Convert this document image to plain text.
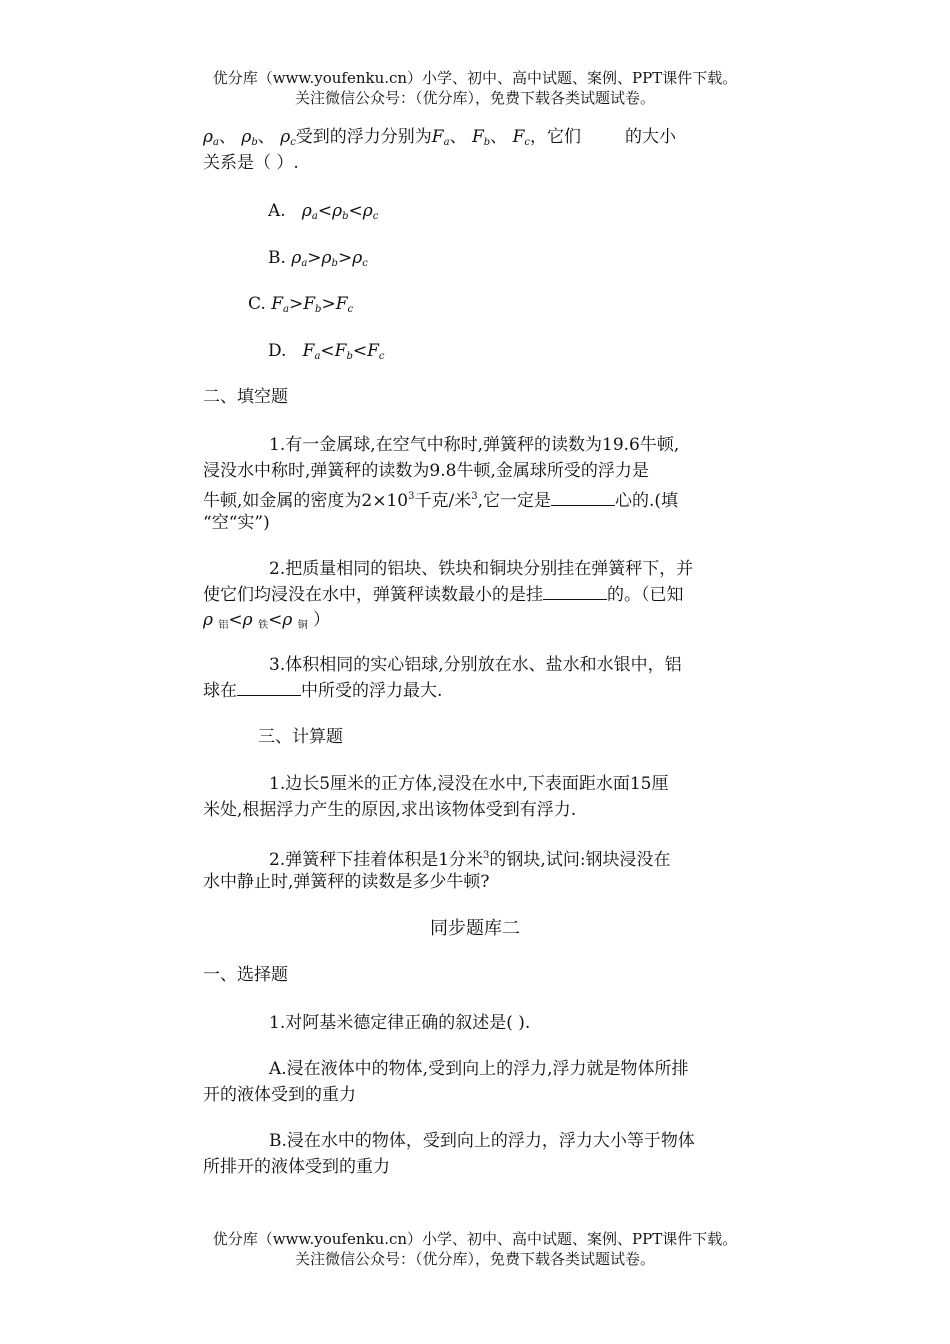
优分库（www.youfenku.cn）小学、初中、高中试题、案例、PPT课件下载。
关注微信公众号：（优分库），免费下载各类试题试卷。
$\rho_a$、 $\rho_b$、 $\rho_c$受到的浮力分别为$F_a$、 $F_b$、 $F_c$，它们	的大小
关系是（ ）.
A. $\rho_a<\rho_b<\rho_c$
B. $\rho_a>\rho_b>\rho_c$
C. $F_a>F_b>F_c$
D. $F_a<F_b<F_c$
二、填空题
1.有一金属球,在空气中称时,弹簧秤的读数为19.6牛顿,
浸没水中称时,弹簧秤的读数为9.8牛顿,金属球所受的浮力是
牛顿,如金属的密度为$2\times 10^3$千克/米$^3$,它一定是	心的.(填
“空“实”)
2.把质量相同的铝块、铁块和铜块分别挂在弹簧秤下，并
使它们均浸没在水中，弹簧秤读数最小的是挂	的。（已知
ρ $_铝$<ρ $_铁$<ρ $_铜$ ）
3.体积相同的实心铝球,分别放在水、盐水和水银中，铝
球在	中所受的浮力最大.
三、计算题
1.边长5厘米的正方体,浸没在水中,下表面距水面15厘
米处,根据浮力产生的原因,求出该物体受到有浮力.
2.弹簧秤下挂着体积是1分米$^3$的钢块,试问:钢块浸没在
水中静止时,弹簧秤的读数是多少牛顿?
同步题库二
一、选择题
1.对阿基米德定律正确的叙述是( ).
A.浸在液体中的物体,受到向上的浮力,浮力就是物体所排
开的液体受到的重力
B.浸在水中的物体，受到向上的浮力，浮力大小等于物体
所排开的液体受到的重力
优分库（www.youfenku.cn）小学、初中、高中试题、案例、PPT课件下载。
关注微信公众号：（优分库），免费下载各类试题试卷。
